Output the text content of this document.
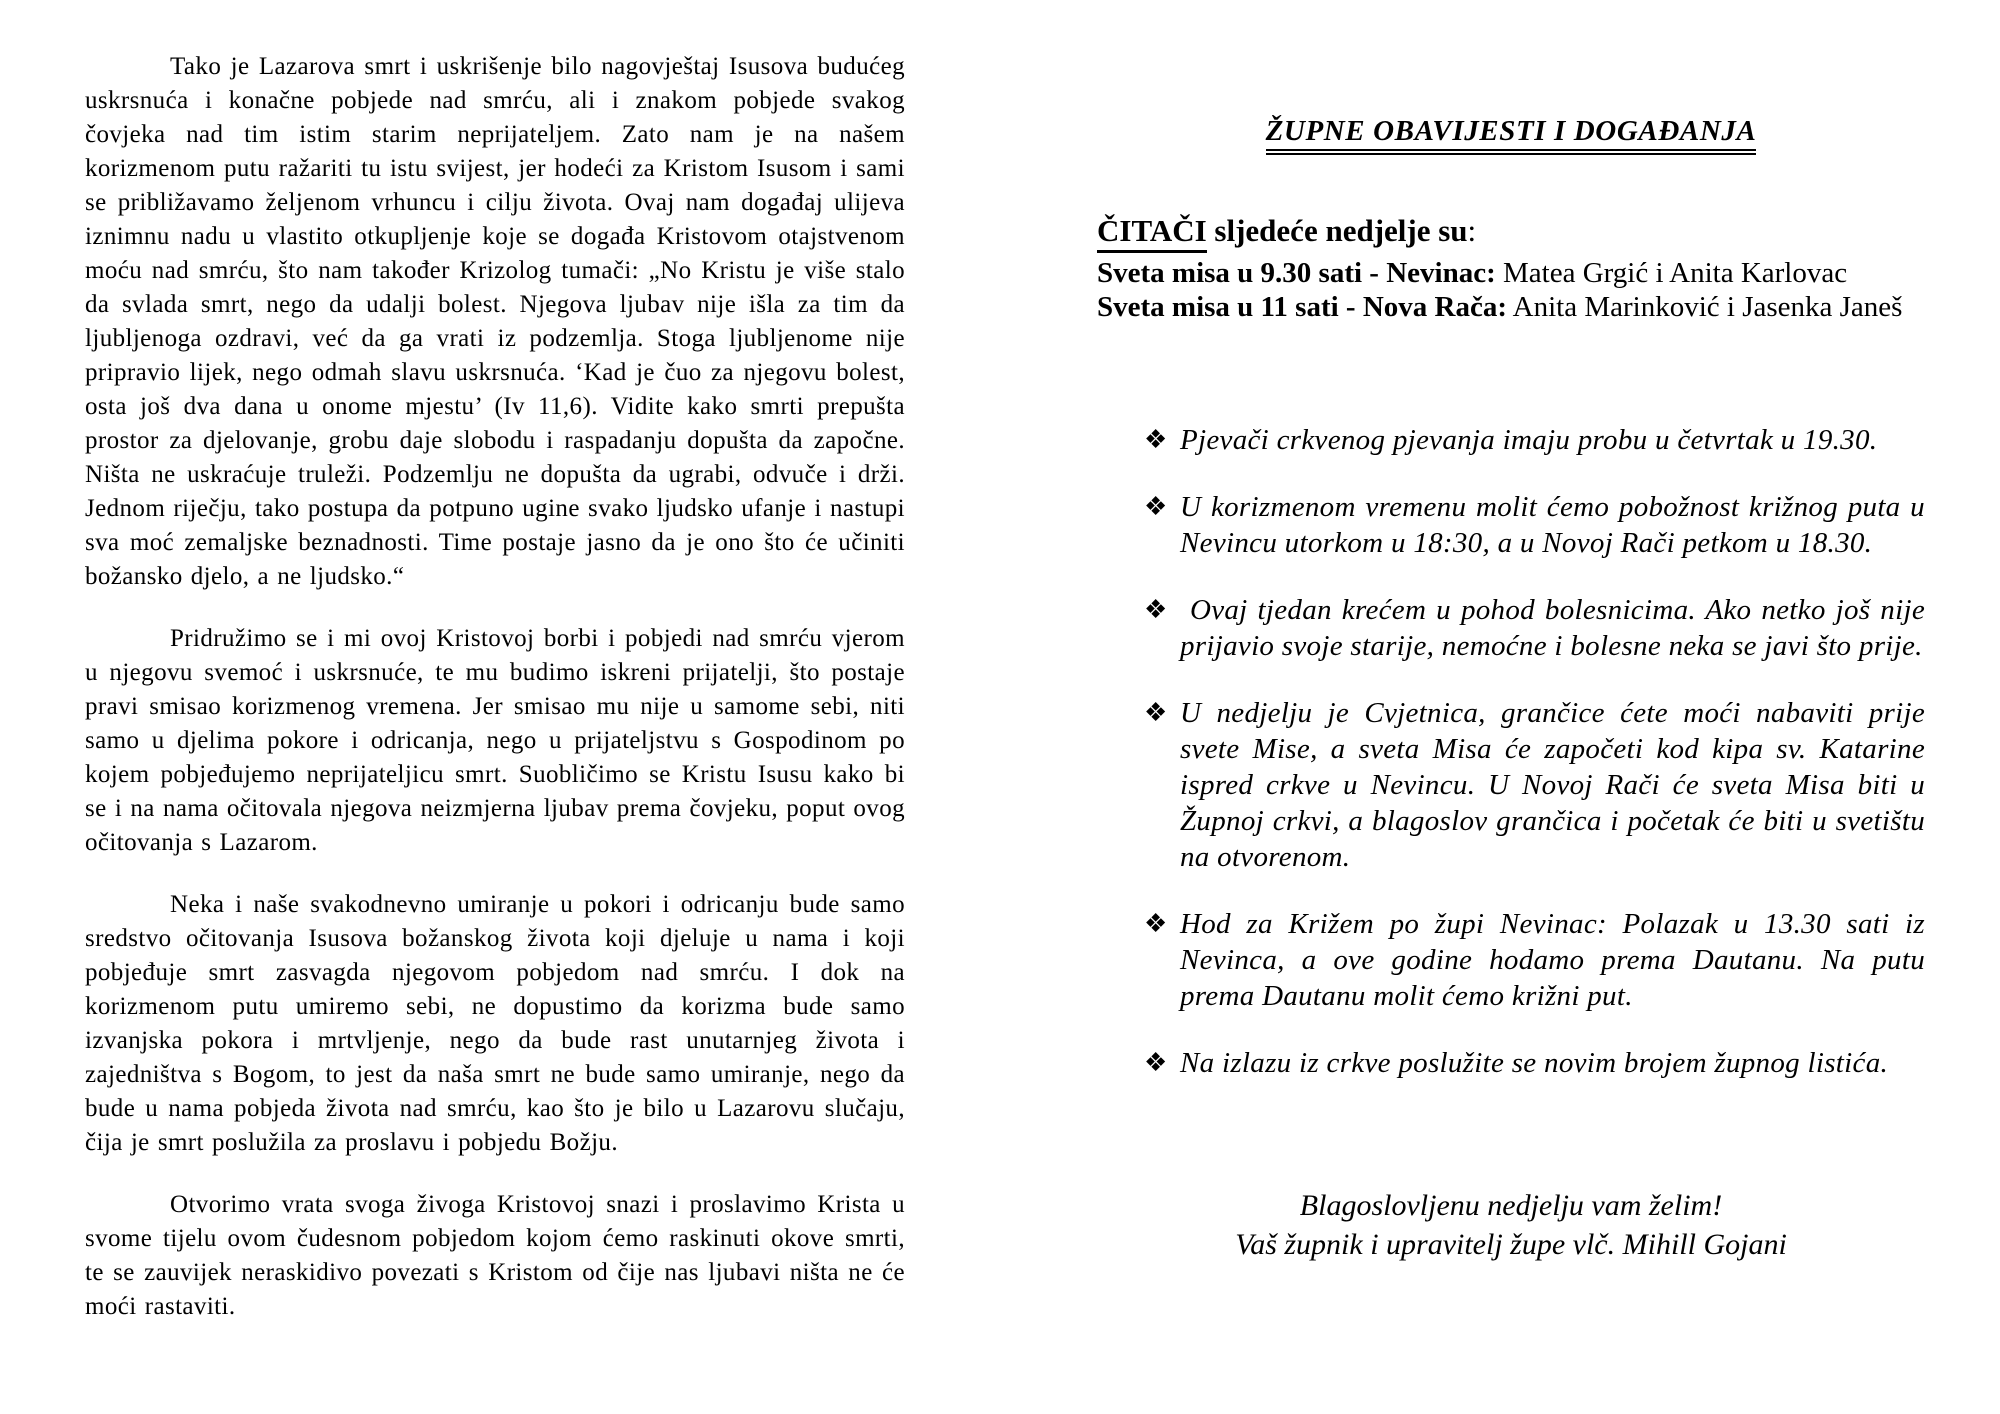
Tako je Lazarova smrt i uskrišenje bilo nagovještaj Isusova budućeg uskrsnuća i konačne pobjede nad smrću, ali i znakom pobjede svakog čovjeka nad tim istim starim neprijateljem. Zato nam je na našem korizmenom putu ražariti tu istu svijest, jer hodeći za Kristom Isusom i sami se približavamo željenom vrhuncu i cilju života. Ovaj nam događaj ulijeva iznimnu nadu u vlastito otkupljenje koje se događa Kristovom otajstvenom moću nad smrću, što nam također Krizolog tumači: „No Kristu je više stalo da svlada smrt, nego da udalji bolest. Njegova ljubav nije išla za tim da ljubljenoga ozdravi, već da ga vrati iz podzemlja. Stoga ljubljenome nije pripravio lijek, nego odmah slavu uskrsnuća. ‘Kad je čuo za njegovu bolest, osta još dva dana u onome mjestu’ (Iv 11,6). Vidite kako smrti prepušta prostor za djelovanje, grobu daje slobodu i raspadanju dopušta da započne. Ništa ne uskraćuje truleži. Podzemlju ne dopušta da ugrabi, odvuče i drži. Jednom riječju, tako postupa da potpuno ugine svako ljudsko ufanje i nastupi sva moć zemaljske beznadnosti. Time postaje jasno da je ono što će učiniti božansko djelo, a ne ljudsko.“

Pridružimo se i mi ovoj Kristovoj borbi i pobjedi nad smrću vjerom u njegovu svemoć i uskrsnuće, te mu budimo iskreni prijatelji, što postaje pravi smisao korizmenog vremena. Jer smisao mu nije u samome sebi, niti samo u djelima pokore i odricanja, nego u prijateljstvu s Gospodinom po kojem pobjeđujemo neprijateljicu smrt. Suobličimo se Kristu Isusu kako bi se i na nama očitovala njegova neizmjerna ljubav prema čovjeku, poput ovog očitovanja s Lazarom.

Neka i naše svakodnevno umiranje u pokori i odricanju bude samo sredstvo očitovanja Isusova božanskog života koji djeluje u nama i koji pobjeđuje smrt zasvagda njegovom pobjedom nad smrću. I dok na korizmenom putu umiremo sebi, ne dopustimo da korizma bude samo izvanjska pokora i mrtvljenje, nego da bude rast unutarnjeg života i zajedništva s Bogom, to jest da naša smrt ne bude samo umiranje, nego da bude u nama pobjeda života nad smrću, kao što je bilo u Lazarovu slučaju, čija je smrt poslužila za proslavu i pobjedu Božju.

Otvorimo vrata svoga živoga Kristovoj snazi i proslavimo Krista u svome tijelu ovom čudesnom pobjedom kojom ćemo raskinuti okove smrti, te se zauvijek neraskidivo povezati s Kristom od čije nas ljubavi ništa ne će moći rastaviti.

ŽUPNE OBAVIJESTI I DOGAĐANJA
ČITAČI sljedeće nedjelje su:
Sveta misa u 9.30 sati - Nevinac: Matea Grgić i Anita Karlovac
Sveta misa u 11 sati - Nova Rača: Anita Marinković i Jasenka Janeš
❖ Pjevači crkvenog pjevanja imaju probu u četvrtak u 19.30.
❖ U korizmenom vremenu molit ćemo pobožnost križnog puta u Nevincu utorkom u 18:30, a u Novoj Rači petkom u 18.30.
❖ Ovaj tjedan krećem u pohod bolesnicima. Ako netko još nije prijavio svoje starije, nemoćne i bolesne neka se javi što prije.
❖ U nedjelju je Cvjetnica, grančice ćete moći nabaviti prije svete Mise, a sveta Misa će započeti kod kipa sv. Katarine ispred crkve u Nevincu. U Novoj Rači će sveta Misa biti u Župnoj crkvi, a blagoslov grančica i početak će biti u svetištu na otvorenom.
❖ Hod za Križem po župi Nevinac: Polazak u 13.30 sati iz Nevinca, a ove godine hodamo prema Dautanu. Na putu prema Dautanu molit ćemo križni put.
❖ Na izlazu iz crkve poslužite se novim brojem župnog listića.
Blagoslovljenu nedjelju vam želim!
Vaš župnik i upravitelj župe vlč. Mihill Gojani
